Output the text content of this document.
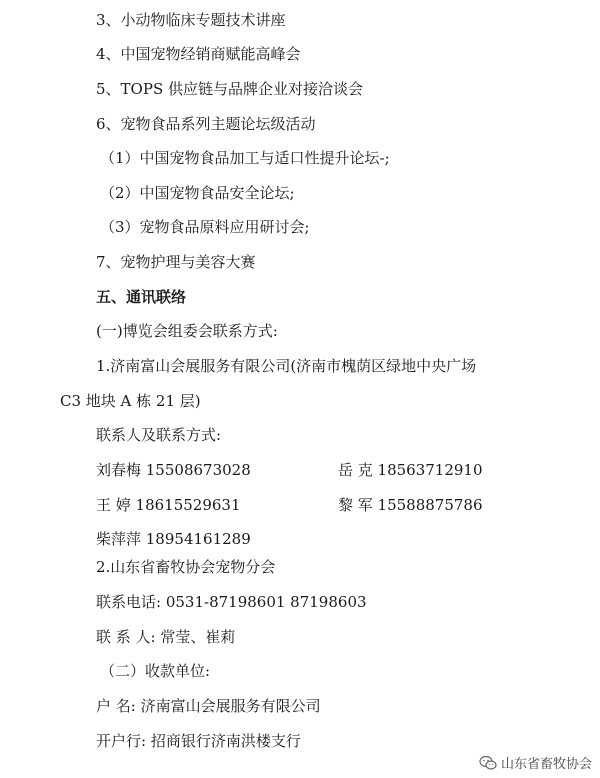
3、小动物临床专题技术讲座
4、中国宠物经销商赋能高峰会
5、TOPS 供应链与品牌企业对接洽谈会
6、宠物食品系列主题论坛级活动
（1）中国宠物食品加工与适口性提升论坛-;
（2）中国宠物食品安全论坛;
（3）宠物食品原料应用研讨会;
7、宠物护理与美容大赛
五、通讯联络
(一)博览会组委会联系方式:
1.济南富山会展服务有限公司(济南市槐荫区绿地中央广场
C3 地块 A 栋 21 层)
联系人及联系方式:
刘春梅 15508673028	岳 克 18563712910
王 婷 18615529631	黎 军 15588875786
柴萍萍 18954161289
2.山东省畜牧协会宠物分会
联系电话: 0531-87198601 87198603
联 系 人: 常莹、崔莉
（二）收款单位:
户 名: 济南富山会展服务有限公司
开户行: 招商银行济南洪楼支行
山东省畜牧协会
